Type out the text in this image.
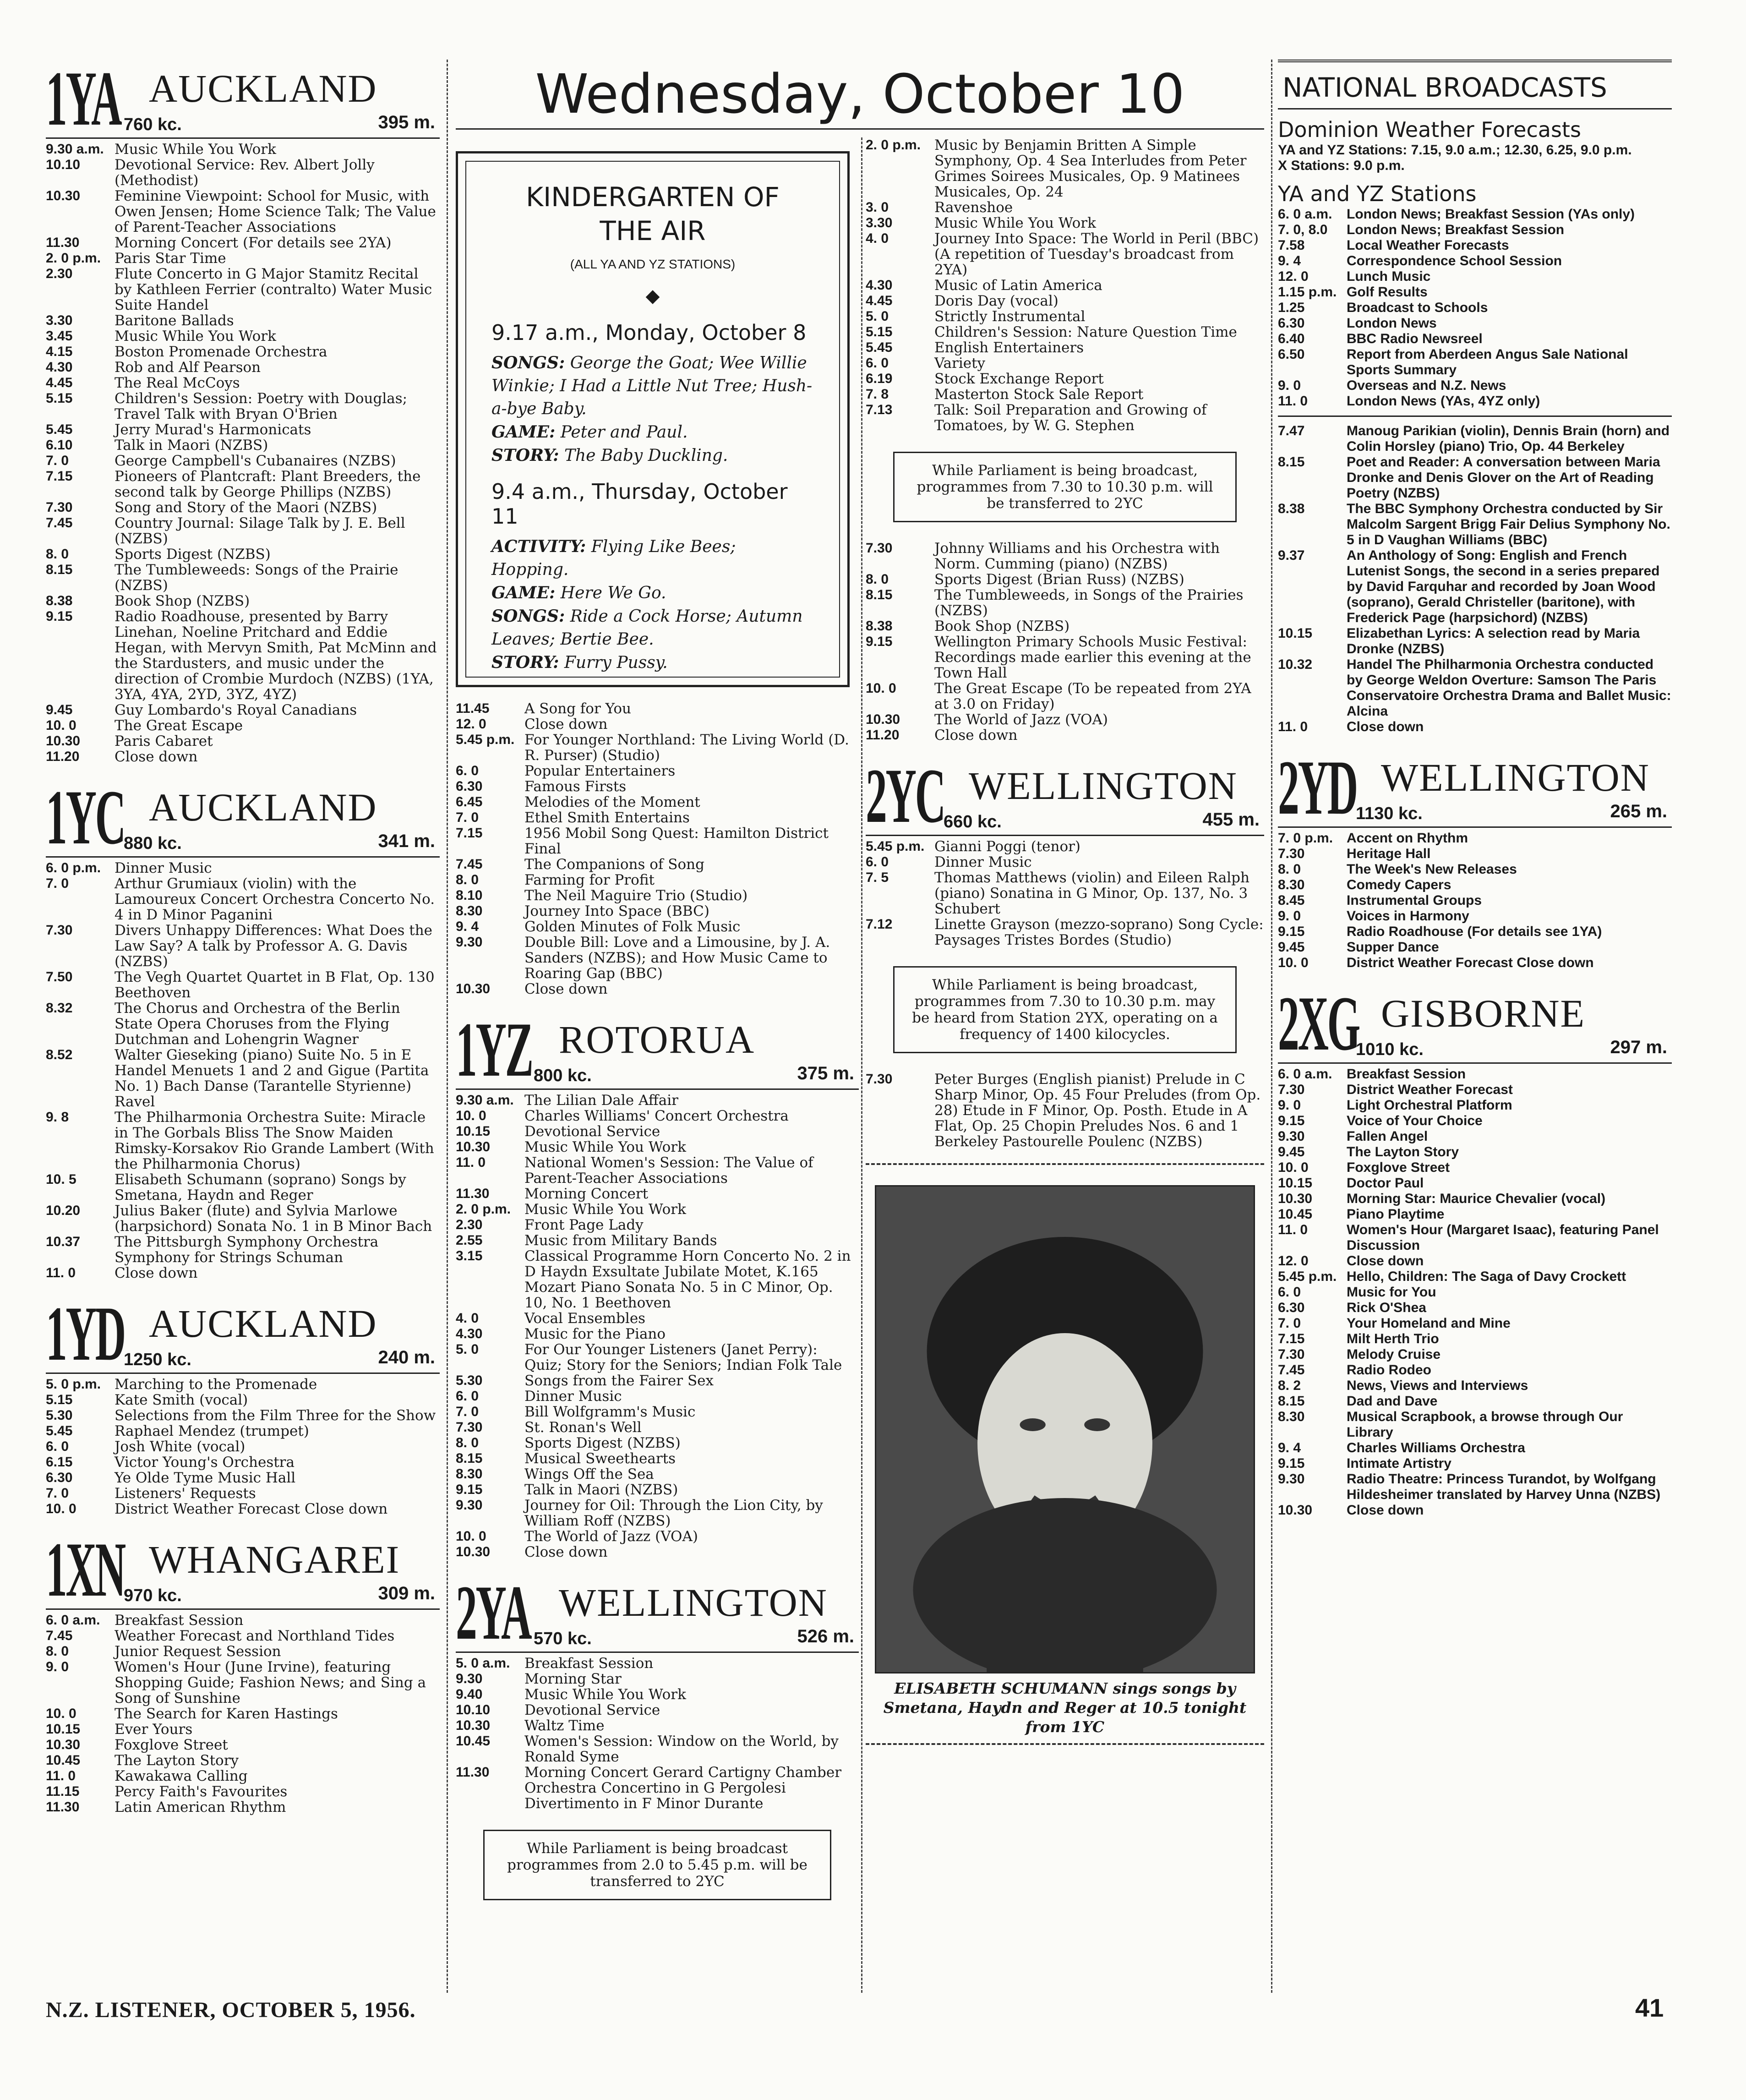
Wednesday, October 10
1YA AUCKLAND
760 kc.	395 m.
9.30 a.m. Music While You Work
10.10	Devotional Service: Rev. Albert Jolly (Methodist)
10.30	Feminine Viewpoint: School for Music, with Owen Jensen; Home Science Talk; The Value of Parent-Teacher Associations
11.30	Morning Concert (For details see 2YA)
2. 0 p.m. Paris Star Time
2.30	Flute Concerto in G Major Stamitz Recital by Kathleen Ferrier (contralto) Water Music Suite Handel
3.30	Baritone Ballads
3.45	Music While You Work
4.15	Boston Promenade Orchestra
4.30	Rob and Alf Pearson
4.45	The Real McCoys
5.15	Children's Session: Poetry with Douglas; Travel Talk with Bryan O'Brien
5.45	Jerry Murad's Harmonicats
6.10	Talk in Maori (NZBS)
7. 0	George Campbell's Cubanaires (NZBS)
7.15	Pioneers of Plantcraft: Plant Breeders, the second talk by George Phillips (NZBS)
7.30	Song and Story of the Maori (NZBS)
7.45	Country Journal: Silage Talk by J. E. Bell (NZBS)
8. 0	Sports Digest (NZBS)
8.15	The Tumbleweeds: Songs of the Prairie (NZBS)
8.38	Book Shop (NZBS)
9.15	Radio Roadhouse, presented by Barry Linehan, Noeline Pritchard and Eddie Hegan, with Mervyn Smith, Pat McMinn and the Stardusters, and music under the direction of Crombie Murdoch (NZBS) (1YA, 3YA, 4YA, 2YD, 3YZ, 4YZ)
9.45	Guy Lombardo's Royal Canadians
10. 0	The Great Escape
10.30	Paris Cabaret
11.20	Close down
1YC AUCKLAND
880 kc.	341 m.
6. 0 p.m. Dinner Music
7. 0	Arthur Grumiaux (violin) with the Lamoureux Concert Orchestra Concerto No. 4 in D Minor Paganini
7.30	Divers Unhappy Differences: What Does the Law Say? A talk by Professor A. G. Davis (NZBS)
7.50	The Vegh Quartet Quartet in B Flat, Op. 130 Beethoven
8.32	The Chorus and Orchestra of the Berlin State Opera Choruses from the Flying Dutchman and Lohengrin Wagner
8.52	Walter Gieseking (piano) Suite No. 5 in E Handel Menuets 1 and 2 and Gigue (Partita No. 1) Bach Danse (Tarantelle Styrienne) Ravel
9. 8	The Philharmonia Orchestra Suite: Miracle in The Gorbals Bliss The Snow Maiden Rimsky-Korsakov Rio Grande Lambert (With the Philharmonia Chorus)
10. 5	Elisabeth Schumann (soprano) Songs by Smetana, Haydn and Reger
10.20	Julius Baker (flute) and Sylvia Marlowe (harpsichord) Sonata No. 1 in B Minor Bach
10.37	The Pittsburgh Symphony Orchestra Symphony for Strings Schuman
11. 0	Close down
1YD AUCKLAND
1250 kc.	240 m.
5. 0 p.m. Marching to the Promenade
5.15	Kate Smith (vocal)
5.30	Selections from the Film Three for the Show
5.45	Raphael Mendez (trumpet)
6. 0	Josh White (vocal)
6.15	Victor Young's Orchestra
6.30	Ye Olde Tyme Music Hall
7. 0	Listeners' Requests
10. 0	District Weather Forecast Close down
1XN WHANGAREI
970 kc.	309 m.
6. 0 a.m.	Breakfast Session
7.45	Weather Forecast and Northland Tides
8. 0	Junior Request Session
9. 0	Women's Hour (June Irvine), featuring Shopping Guide; Fashion News; and Sing a Song of Sunshine
10. 0	The Search for Karen Hastings
10.15	Ever Yours
10.30	Foxglove Street
10.45	The Layton Story
11. 0	Kawakawa Calling
11.15	Percy Faith's Favourites
11.30	Latin American Rhythm
KINDERGARTEN OF
THE AIR
(ALL YA AND YZ STATIONS)
◆
9.17 a.m., Monday, October 8
SONGS: George the Goat; Wee Willie Winkie; I Had a Little Nut Tree; Hush-a-bye Baby.
GAME: Peter and Paul.
STORY: The Baby Duckling.
9.4 a.m., Thursday, October 11
ACTIVITY: Flying Like Bees; Hopping.
GAME: Here We Go.
SONGS: Ride a Cock Horse; Autumn Leaves; Bertie Bee.
STORY: Furry Pussy.
11.45	A Song for You
12. 0	Close down
5.45 p.m. For Younger Northland: The Living World (D. R. Purser) (Studio)
6. 0	Popular Entertainers
6.30	Famous Firsts
6.45	Melodies of the Moment
7. 0	Ethel Smith Entertains
7.15	1956 Mobil Song Quest: Hamilton District Final
7.45	The Companions of Song
8. 0	Farming for Profit
8.10	The Neil Maguire Trio (Studio)
8.30	Journey Into Space (BBC)
9. 4	Golden Minutes of Folk Music
9.30	Double Bill: Love and a Limousine, by J. A. Sanders (NZBS); and How Music Came to Roaring Gap (BBC)
10.30	Close down
1YZ ROTORUA
800 kc.	375 m.
9.30 a.m. The Lilian Dale Affair
10. 0	Charles Williams' Concert Orchestra
10.15	Devotional Service
10.30	Music While You Work
11. 0	National Women's Session: The Value of Parent-Teacher Associations
11.30	Morning Concert
2. 0 p.m. Music While You Work
2.30	Front Page Lady
2.55	Music from Military Bands
3.15	Classical Programme Horn Concerto No. 2 in D Haydn Exsultate Jubilate Motet, K.165 Mozart Piano Sonata No. 5 in C Minor, Op. 10, No. 1 Beethoven
4. 0	Vocal Ensembles
4.30	Music for the Piano
5. 0	For Our Younger Listeners (Janet Perry): Quiz; Story for the Seniors; Indian Folk Tale
5.30	Songs from the Fairer Sex
6. 0	Dinner Music
7. 0	Bill Wolfgramm's Music
7.30	St. Ronan's Well
8. 0	Sports Digest (NZBS)
8.15	Musical Sweethearts
8.30	Wings Off the Sea
9.15	Talk in Maori (NZBS)
9.30	Journey for Oil: Through the Lion City, by William Roff (NZBS)
10. 0	The World of Jazz (VOA)
10.30	Close down
2YA WELLINGTON
570 kc.	526 m.
5. 0 a.m.	Breakfast Session
9.30	Morning Star
9.40	Music While You Work
10.10	Devotional Service
10.30	Waltz Time
10.45	Women's Session: Window on the World, by Ronald Syme
11.30	Morning Concert Gerard Cartigny Chamber Orchestra Concertino in G Pergolesi Divertimento in F Minor Durante
While Parliament is being broadcast programmes from 2.0 to 5.45 p.m. will be transferred to 2YC
2. 0 p.m. Music by Benjamin Britten A Simple Symphony, Op. 4 Sea Interludes from Peter Grimes Soirees Musicales, Op. 9 Matinees Musicales, Op. 24
3. 0	Ravenshoe
3.30	Music While You Work
4. 0	Journey Into Space: The World in Peril (BBC) (A repetition of Tuesday's broadcast from 2YA)
4.30	Music of Latin America
4.45	Doris Day (vocal)
5. 0	Strictly Instrumental
5.15	Children's Session: Nature Question Time
5.45	English Entertainers
6. 0	Variety
6.19	Stock Exchange Report
7. 8	Masterton Stock Sale Report
7.13	Talk: Soil Preparation and Growing of Tomatoes, by W. G. Stephen
While Parliament is being broadcast, programmes from 7.30 to 10.30 p.m. will be transferred to 2YC
7.30	Johnny Williams and his Orchestra with Norm. Cumming (piano) (NZBS)
8. 0	Sports Digest (Brian Russ) (NZBS)
8.15	The Tumbleweeds, in Songs of the Prairies (NZBS)
8.38	Book Shop (NZBS)
9.15	Wellington Primary Schools Music Festival: Recordings made earlier this evening at the Town Hall
10. 0	The Great Escape (To be repeated from 2YA at 3.0 on Friday)
10.30	The World of Jazz (VOA)
11.20	Close down
2YC WELLINGTON
660 kc.	455 m.
5.45 p.m. Gianni Poggi (tenor)
6. 0	Dinner Music
7. 5	Thomas Matthews (violin) and Eileen Ralph (piano) Sonatina in G Minor, Op. 137, No. 3 Schubert
7.12	Linette Grayson (mezzo-soprano) Song Cycle: Paysages Tristes Bordes (Studio)
While Parliament is being broadcast, programmes from 7.30 to 10.30 p.m. may be heard from Station 2YX, operating on a frequency of 1400 kilocycles.
7.30	Peter Burges (English pianist) Prelude in C Sharp Minor, Op. 45 Four Preludes (from Op. 28) Etude in F Minor, Op. Posth. Etude in A Flat, Op. 25 Chopin Preludes Nos. 6 and 1 Berkeley Pastourelle Poulenc (NZBS)
ELISABETH SCHUMANN sings songs by Smetana, Haydn and Reger at 10.5 tonight from 1YC
NATIONAL BROADCASTS
Dominion Weather Forecasts
YA and YZ Stations: 7.15, 9.0 a.m.; 12.30, 6.25, 9.0 p.m.
X Stations: 9.0 p.m.
YA and YZ Stations
6. 0 a.m.	London News; Breakfast Session (YAs only)
7. 0, 8.0	London News; Breakfast Session
7.58	Local Weather Forecasts
9. 4	Correspondence School Session
12. 0	Lunch Music
1.15 p.m. Golf Results
1.25	Broadcast to Schools
6.30	London News
6.40	BBC Radio Newsreel
6.50	Report from Aberdeen Angus Sale National Sports Summary
9. 0	Overseas and N.Z. News
11. 0	London News (YAs, 4YZ only)
7.47	Manoug Parikian (violin), Dennis Brain (horn) and Colin Horsley (piano) Trio, Op. 44 Berkeley
8.15	Poet and Reader: A conversation between Maria Dronke and Denis Glover on the Art of Reading Poetry (NZBS)
8.38	The BBC Symphony Orchestra conducted by Sir Malcolm Sargent Brigg Fair Delius Symphony No. 5 in D Vaughan Williams (BBC)
9.37	An Anthology of Song: English and French Lutenist Songs, the second in a series prepared by David Farquhar and recorded by Joan Wood (soprano), Gerald Christeller (baritone), with Frederick Page (harpsichord) (NZBS)
10.15	Elizabethan Lyrics: A selection read by Maria Dronke (NZBS)
10.32	Handel The Philharmonia Orchestra conducted by George Weldon Overture: Samson The Paris Conservatoire Orchestra Drama and Ballet Music: Alcina
11. 0	Close down
2YD WELLINGTON
1130 kc.	265 m.
7. 0 p.m. Accent on Rhythm
7.30	Heritage Hall
8. 0	The Week's New Releases
8.30	Comedy Capers
8.45	Instrumental Groups
9. 0	Voices in Harmony
9.15	Radio Roadhouse (For details see 1YA)
9.45	Supper Dance
10. 0	District Weather Forecast Close down
2XG GISBORNE
1010 kc.	297 m.
6. 0 a.m.	Breakfast Session
7.30	District Weather Forecast
9. 0	Light Orchestral Platform
9.15	Voice of Your Choice
9.30	Fallen Angel
9.45	The Layton Story
10. 0	Foxglove Street
10.15	Doctor Paul
10.30	Morning Star: Maurice Chevalier (vocal)
10.45	Piano Playtime
11. 0	Women's Hour (Margaret Isaac), featuring Panel Discussion
12. 0	Close down
5.45 p.m. Hello, Children: The Saga of Davy Crockett
6. 0	Music for You
6.30	Rick O'Shea
7. 0	Your Homeland and Mine
7.15	Milt Herth Trio
7.30	Melody Cruise
7.45	Radio Rodeo
8. 2	News, Views and Interviews
8.15	Dad and Dave
8.30	Musical Scrapbook, a browse through Our Library
9. 4	Charles Williams Orchestra
9.15	Intimate Artistry
9.30	Radio Theatre: Princess Turandot, by Wolfgang Hildesheimer translated by Harvey Unna (NZBS)
10.30	Close down
N.Z. LISTENER, OCTOBER 5, 1956.	41
